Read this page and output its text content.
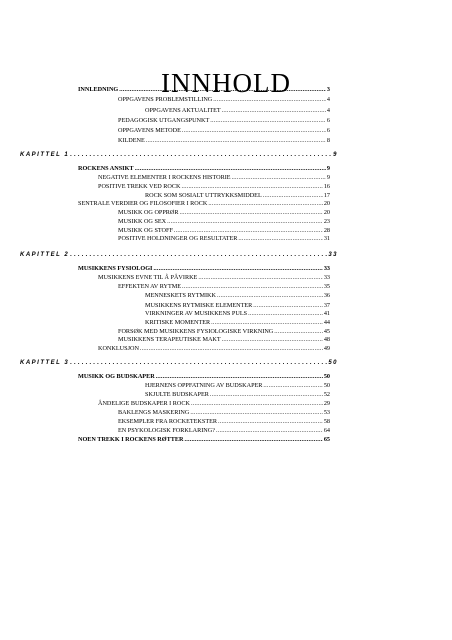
INNHOLD
INNLEDNING .....	3
OPPGAVENS PROBLEMSTILLING .....	4
OPPGAVENS AKTUALITET .....	4
PEDAGOGISK UTGANGSPUNKT .....	6
OPPGAVENS METODE .....	6
KILDENE .....	8
KAPITTEL 1 .....	9
ROCKENS ANSIKT .....	9
NEGATIVE ELEMENTER I ROCKENS HISTORIE .....	9
POSITIVE TREKK VED ROCK .....	16
ROCK SOM SOSIALT UTTRYKKSMIDDEL .....	17
SENTRALE VERDIER OG FILOSOFIER I ROCK .....	20
MUSIKK OG OPPRØR .....	20
MUSIKK OG SEX .....	23
MUSIKK OG STOFF .....	28
POSITIVE HOLDNINGER OG RESULTATER .....	31
KAPITTEL 2 .....	33
MUSIKKENS FYSIOLOGI .....	33
MUSIKKENS EVNE TIL Å PÅVIRKE .....	33
EFFEKTEN AV RYTME .....	35
MENNESKETS RYTMIKK .....	36
MUSIKKENS RYTMISKE ELEMENTER .....	37
VIRKNINGER AV MUSIKKENS PULS .....	41
KRITISKE MOMENTER .....	44
FORSØK MED MUSIKKENS FYSIOLOGISKE VIRKNING .....	45
MUSIKKENS TERAPEUTISKE MAKT .....	48
KONKLUSJON .....	49
KAPITTEL 3 .....	50
MUSIKK OG BUDSKAPER .....	50
HJERNENS OPPFATNING AV BUDSKAPER .....	50
SKJULTE BUDSKAPER .....	52
ÅNDELIGE BUDSKAPER I ROCK .....	29
BAKLENGS MASKERING .....	53
EKSEMPLER FRA ROCKETEKSTER .....	58
EN PSYKOLOGISK FORKLARING? .....	64
NOEN TREKK I ROCKENS RØTTER .....	65
